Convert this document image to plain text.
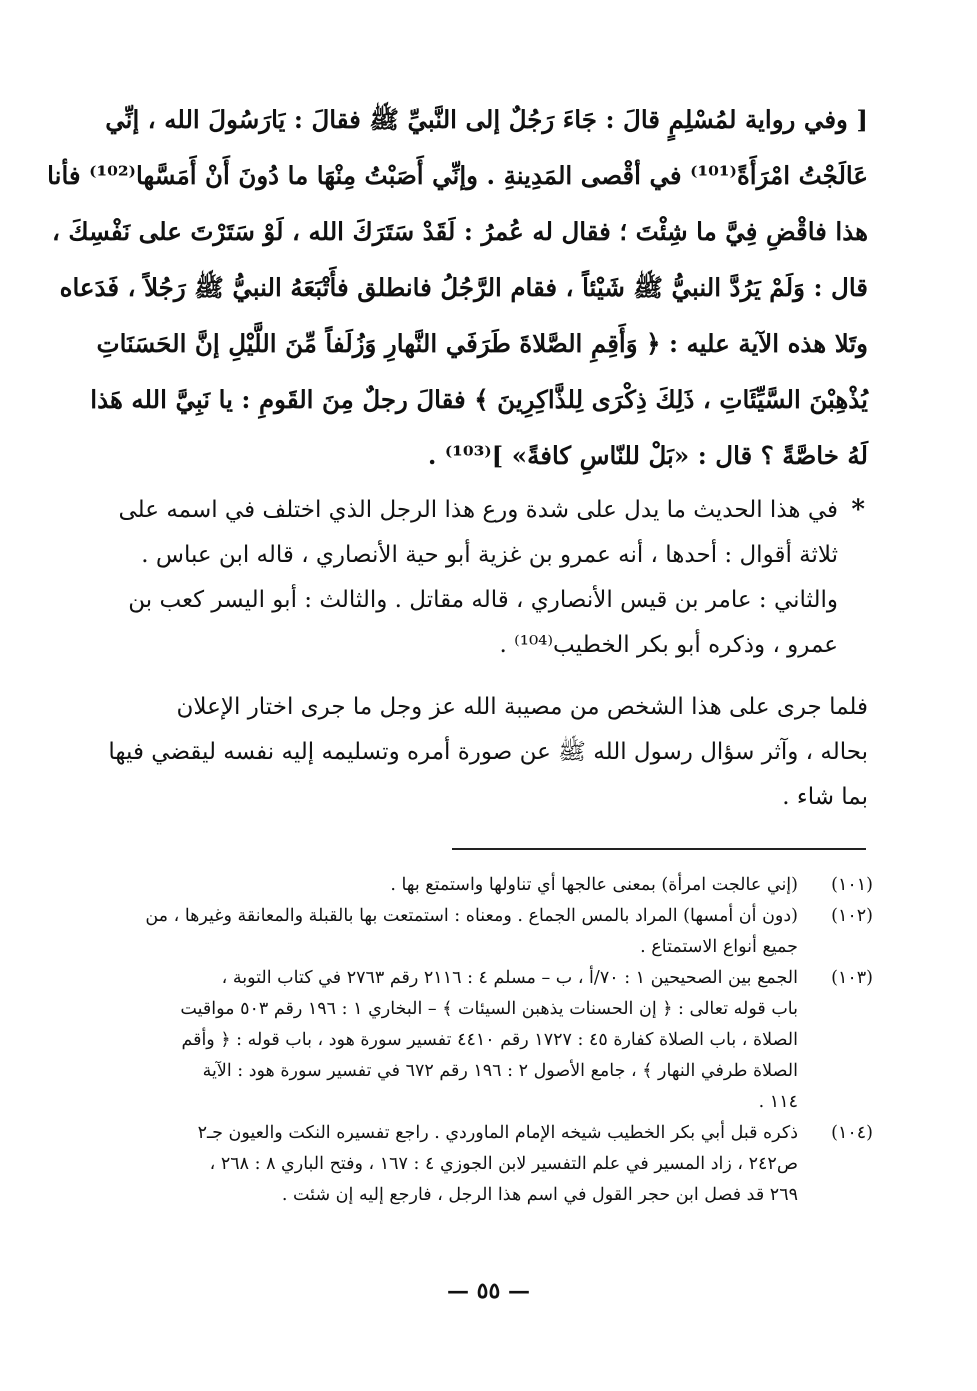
[ وفي رواية لمُسْلِمٍ قالَ : جَاءَ رَجُلٌ إلى النَّبيِّ ﷺ فقالَ : يَارَسُولَ الله ، إنِّي

عَالَجْتُ امْرَأَةً⁽¹⁰¹⁾ في أقْصى المَدِينةِ . وإنِّي أَصَبْتُ مِنْهَا ما دُونَ أَنْ أَمَسَّها⁽¹⁰²⁾ فأنا

هذا فاقْضِ فِيَّ ما شِئْتَ ؛ فقال له عُمرُ : لَقَدْ سَتَرَكَ الله ، لَوْ سَتَرْتَ على نَفْسِكَ ،

قال : وَلَمْ يَرُدَّ النبيُّ ﷺ شَيْئاً ، فقام الرَّجُلُ فانطلق فأَتْبَعَهُ النبيُّ ﷺ رَجُلاً ، فَدَعاه

وتَلا هذه الآية عليه : ﴿ وَأَقِمِ الصَّلاةَ طَرَفَي النَّهارِ وَزُلَفاً مِّنَ اللَّيْلِ إنَّ الحَسَنَاتِ

يُذْهِبْنَ السَّيِّئَاتِ ، ذَلِكَ ذِكْرَى لِلذَّاكِرِينَ ﴾ فقالَ رجلٌ مِنَ القَومِ : يا نَبِيَّ الله هَذا

لَهُ خاصَّةً ؟ قال : «بَلْ للنّاسِ كافةً» ]⁽¹⁰³⁾ .

*

في هذا الحديث ما يدل على شدة ورع هذا الرجل الذي اختلف في اسمه على

ثلاثة أقوال : أحدها ، أنه عمرو بن غزية أبو حية الأنصاري ، قاله ابن عباس .

والثاني : عامر بن قيس الأنصاري ، قاله مقاتل . والثالث : أبو اليسر كعب بن

عمرو ، وذكره أبو بكر الخطيب⁽¹⁰⁴⁾ .

فلما جرى على هذا الشخص من مصيبة الله عز وجل ما جرى اختار الإعلان

بحاله ، وآثر سؤال رسول الله ﷺ عن صورة أمره وتسليمه إليه نفسه ليقضي فيها

بما شاء .

(١٠١)
(إني عالجت امرأة) بمعنى عالجها أي تناولها واستمتع بها .
(١٠٢)
(دون أن أمسها) المراد بالمس الجماع . ومعناه : استمتعت بها بالقبلة والمعانقة وغيرها ، من
جميع أنواع الاستمتاع .
(١٠٣)
الجمع بين الصحيحين ١ : ٧٠/أ ، ب – مسلم ٤ : ٢١١٦ رقم ٢٧٦٣ في كتاب التوبة ،
باب قوله تعالى : ﴿ إن الحسنات يذهبن السيئات ﴾ – البخاري ١ : ١٩٦ رقم ٥٠٣ مواقيت
الصلاة ، باب الصلاة كفارة ٤٥ : ١٧٢٧ رقم ٤٤١٠ تفسير سورة هود ، باب قوله : ﴿ وأقم
الصلاة طرفي النهار ﴾ ، جامع الأصول ٢ : ١٩٦ رقم ٦٧٢ في تفسير سورة هود : الآية
١١٤ .
(١٠٤)
ذكره قبل أبي بكر الخطيب شيخه الإمام الماوردي . راجع تفسيره النكت والعيون جـ٢
ص٢٤٢ ، زاد المسير في علم التفسير لابن الجوزي ٤ : ١٦٧ ، وفتح الباري ٨ : ٢٦٨ ،
٢٦٩ قد فصل ابن حجر القول في اسم هذا الرجل ، فارجع إليه إن شئت .
— ٥٥ —
